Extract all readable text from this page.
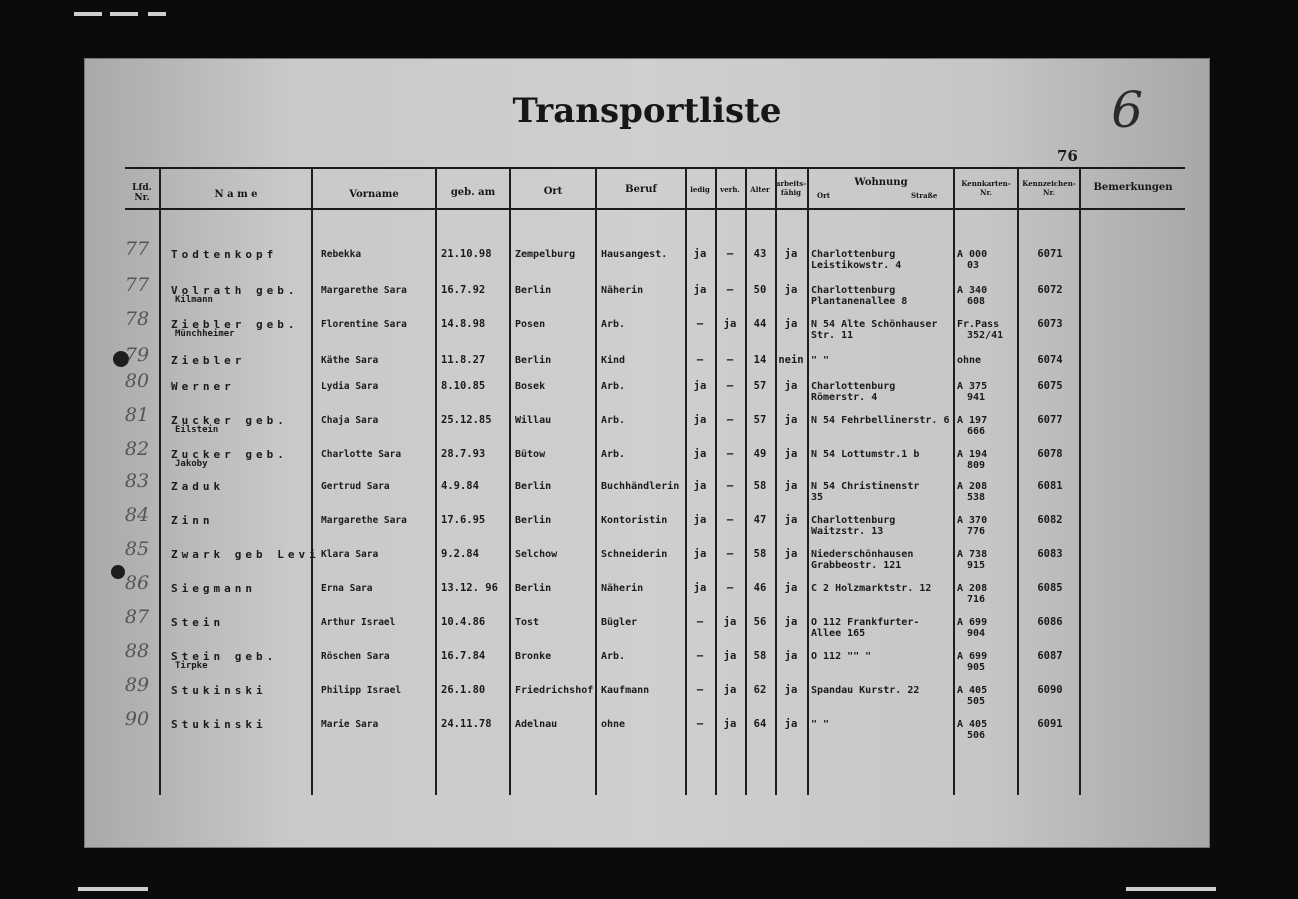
Transportliste	6
76
Lfd.
Nr.	N a m e	Vorname	geb. am	Ort	Beruf	ledig	verh.	Alter
arbeits-
fähig
Wohnung
Ort	Straße
Kennkarten-
Nr.
Kennzeichen-
Nr.	Bemerkungen
77	Todtenkopf	Rebekka	21.10.98 Zempelburg	Hausangest.	ja	—	43	ja	Charlottenburg
Leistikowstr. 4
A 000
03
6071
77	Volrath geb.
Kilmann
Margarethe Sara	16.7.92	Berlin	Näherin	ja	—	50	ja	Charlottenburg
Plantanenallee 8
A 340
608
6072
78	Ziebler geb.
Münchheimer
Florentine Sara	14.8.98	Posen	Arb.	—	ja	44	ja	N 54 Alte Schönhauser
Str. 11
Fr.Pass
352/41
6073
79	Ziebler	Käthe Sara	11.8.27	Berlin	Kind	—	—	14	nein " "	ohne	6074
80	Werner	Lydia Sara	8.10.85	Bosek	Arb.	ja	—	57	ja	Charlottenburg
Römerstr. 4
A 375
941
6075
81	Zucker geb.
Eilstein
Chaja Sara	25.12.85 Willau	Arb.	ja	—	57	ja	N 54 Fehrbellinerstr. 6 A 197
666
6077
82	Zucker geb.
Jakoby
Charlotte Sara	28.7.93	Bütow	Arb.	ja	—	49	ja	N 54 Lottumstr.1 b	A 194
809
6078
83	Zaduk	Gertrud Sara	4.9.84	Berlin	Buchhändlerin	ja	—	58	ja	N 54 Christinenstr
35
A 208
538
6081
84	Zinn	Margarethe Sara	17.6.95	Berlin	Kontoristin	ja	—	47	ja	Charlottenburg
Waitzstr. 13
A 370
776
6082
85	Zwark geb Levi Klara Sara	9.2.84	Selchow	Schneiderin	ja	—	58	ja	Niederschönhausen
Grabbeostr. 121
A 738
915
6083
86	Siegmann	Erna Sara	13.12. 96 Berlin	Näherin	ja	—	46	ja	C 2 Holzmarktstr. 12	A 208
716
6085
87	Stein	Arthur Israel	10.4.86	Tost	Bügler	—	ja	56	ja	O 112 Frankfurter-
Allee 165
A 699
904
6086
88	Stein geb.
Tirpke
Röschen Sara	16.7.84	Bronke	Arb.	—	ja	58	ja	O 112 "" "	A 699
905
6087
89	Stukinski	Philipp Israel	26.1.80	Friedrichshof Kaufmann	—	ja	62	ja	Spandau Kurstr. 22	A 405
505
6090
90	Stukinski	Marie Sara	24.11.78 Adelnau	ohne	—	ja	64	ja	" "	A 405
506
6091
